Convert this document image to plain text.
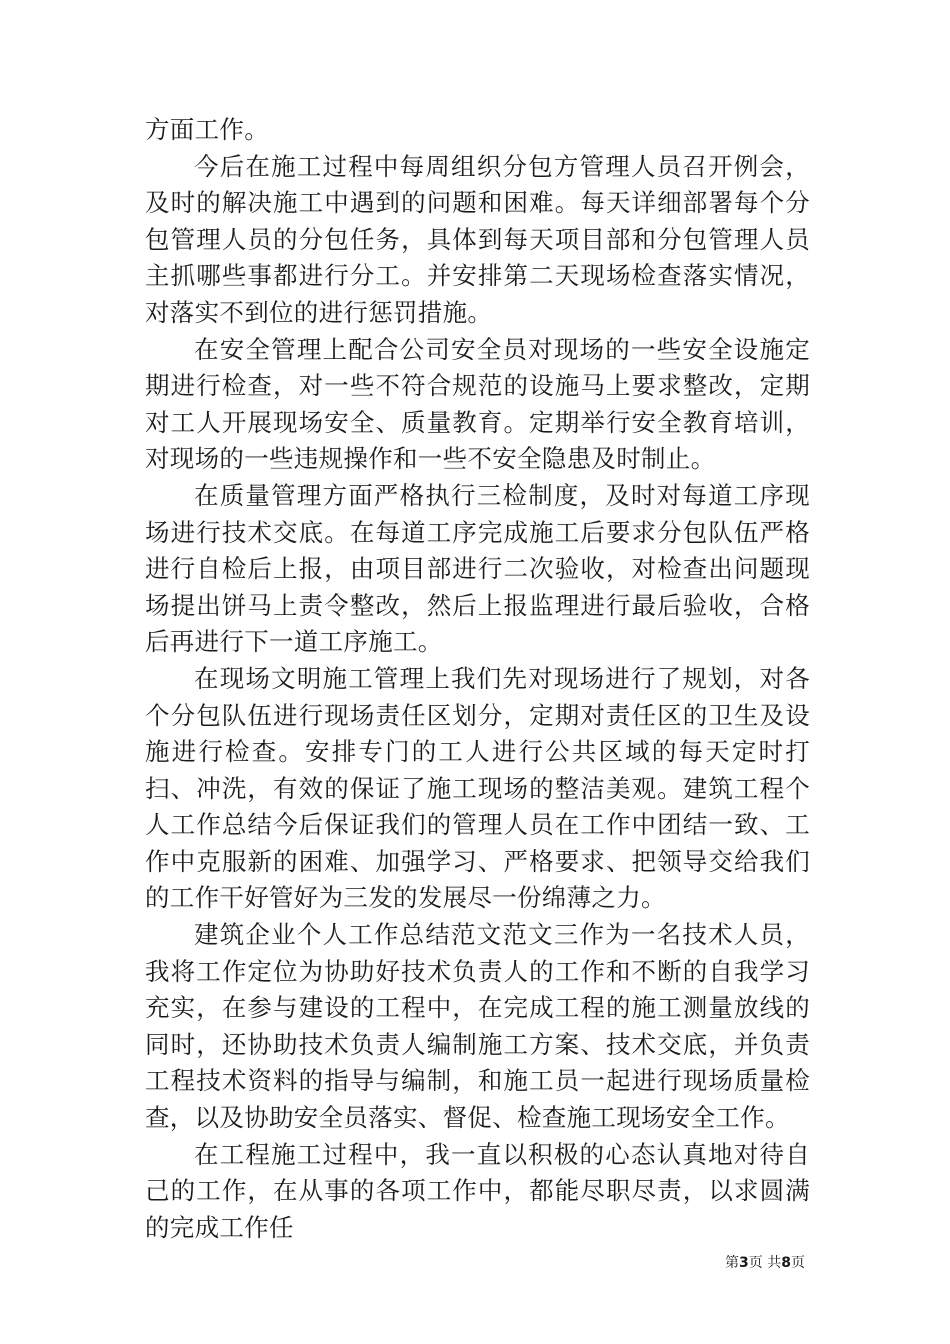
方面工作。

今后在施工过程中每周组织分包方管理人员召开例会，及时的解决施工中遇到的问题和困难。每天详细部署每个分包管理人员的分包任务，具体到每天项目部和分包管理人员主抓哪些事都进行分工。并安排第二天现场检查落实情况，对落实不到位的进行惩罚措施。

在安全管理上配合公司安全员对现场的一些安全设施定期进行检查，对一些不符合规范的设施马上要求整改，定期对工人开展现场安全、质量教育。定期举行安全教育培训，对现场的一些违规操作和一些不安全隐患及时制止。

在质量管理方面严格执行三检制度，及时对每道工序现场进行技术交底。在每道工序完成施工后要求分包队伍严格进行自检后上报，由项目部进行二次验收，对检查出问题现场提出饼马上责令整改，然后上报监理进行最后验收，合格后再进行下一道工序施工。

在现场文明施工管理上我们先对现场进行了规划，对各个分包队伍进行现场责任区划分，定期对责任区的卫生及设施进行检查。安排专门的工人进行公共区域的每天定时打扫、冲洗，有效的保证了施工现场的整洁美观。建筑工程个人工作总结今后保证我们的管理人员在工作中团结一致、工作中克服新的困难、加强学习、严格要求、把领导交给我们的工作干好管好为三发的发展尽一份绵薄之力。

建筑企业个人工作总结范文范文三作为一名技术人员，我将工作定位为协助好技术负责人的工作和不断的自我学习充实，在参与建设的工程中，在完成工程的施工测量放线的同时，还协助技术负责人编制施工方案、技术交底，并负责工程技术资料的指导与编制，和施工员一起进行现场质量检查，以及协助安全员落实、督促、检查施工现场安全工作。

在工程施工过程中，我一直以积极的心态认真地对待自己的工作，在从事的各项工作中，都能尽职尽责，以求圆满的完成工作任

第3页 共8页
